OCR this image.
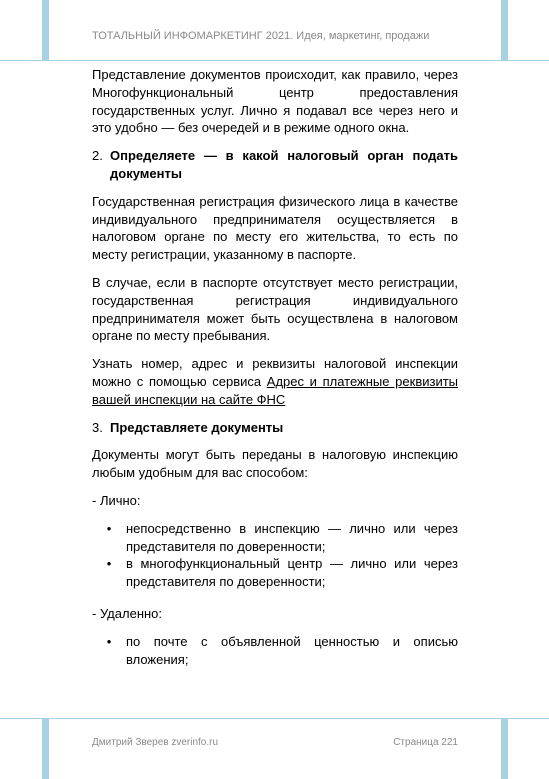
ТОТАЛЬНЫЙ ИНФОМАРКЕТИНГ 2021. Идея, маркетинг, продажи

Представление документов происходит, как правило, через Многофункциональный центр предоставления государственных услуг. Лично я подавал все через него и это удобно — без очередей и в режиме одного окна.

2. Определяете — в какой налоговый орган подать документы

Государственная регистрация физического лица в качестве индивидуального предпринимателя осуществляется в налоговом органе по месту его жительства, то есть по месту регистрации, указанному в паспорте.

В случае, если в паспорте отсутствует место регистрации, государственная регистрация индивидуального предпринимателя может быть осуществлена в налоговом органе по месту пребывания.

Узнать номер, адрес и реквизиты налоговой инспекции можно с помощью сервиса Адрес и платежные реквизиты вашей инспекции на сайте ФНС

3. Представляете документы

Документы могут быть переданы в налоговую инспекцию любым удобным для вас способом:

- Лично:

•	непосредственно в инспекцию — лично или через представителя по доверенности;
•	в многофункциональный центр — лично или через представителя по доверенности;

- Удаленно:

•	по почте с объявленной ценностью и описью вложения;
Дмитрий Зверев zverinfo.ru	Страница 221
